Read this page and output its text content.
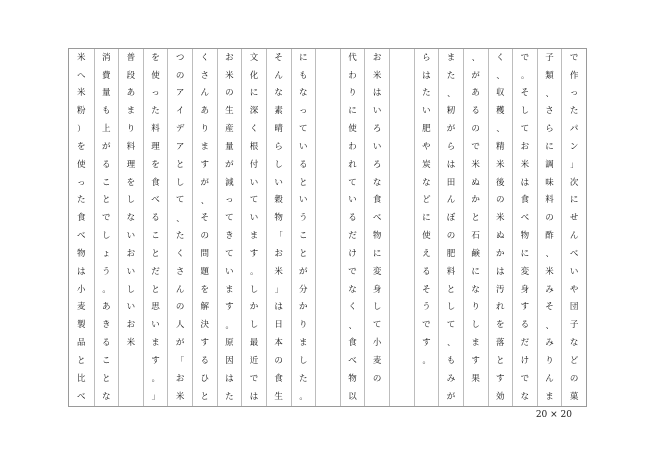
で
作
っ
た
パ
ン
」
次
に
せ
ん
べ
い
や
団
子
な
ど
の
菓
子
類
、
さ
ら
に
調
味
料
の
酢
、
米
み
そ
、
み
り
ん
ま
で
。
そ
し
て
お
米
は
食
べ
物
に
変
身
す
る
だ
け
で
な
く
、
収
穫
、
精
米
後
の
米
ぬ
か
は
汚
れ
を
落
と
す
効
、
が
あ
る
の
で
米
ぬ
か
と
石
鹸
に
な
り
し
ま
す
果
ま
た
、
籾
が
ら
は
田
ん
ぼ
の
肥
料
と
し
て
、
も
み
が
ら
は
た
い
肥
や
炭
な
ど
に
使
え
る
そ
う
で
す
。
お
米
は
い
ろ
い
ろ
な
食
べ
物
に
変
身
し
て
小
麦
の
代
わ
り
に
使
わ
れ
て
い
る
だ
け
で
な
く
、
食
べ
物
以
に
も
な
っ
て
い
る
と
い
う
こ
と
が
分
か
り
ま
し
た
。
そ
ん
な
素
晴
ら
し
い
穀
物
「
お
米
」
は
日
本
の
食
生
文
化
に
深
く
根
付
い
て
い
ま
す
。
し
か
し
最
近
で
は
お
米
の
生
産
量
が
減
っ
て
き
て
い
ま
す
。
原
因
は
た
く
さ
ん
あ
り
ま
す
が
、
そ
の
問
題
を
解
決
す
る
ひ
と
つ
の
ア
イ
デ
ア
と
し
て
、
た
く
さ
ん
の
人
が
「
お
米
を
使
っ
た
料
理
を
食
べ
る
こ
と
だ
と
思
い
ま
す
。
」
普
段
あ
ま
り
料
理
を
し
な
い
お
い
し
い
お
米
消
費
量
も
上
が
る
こ
と
で
し
ょ
う
。
あ
き
る
こ
と
な
米
へ
米
粉
）
を
使
っ
た
食
べ
物
は
小
麦
製
品
と
比
べ
20 × 20
